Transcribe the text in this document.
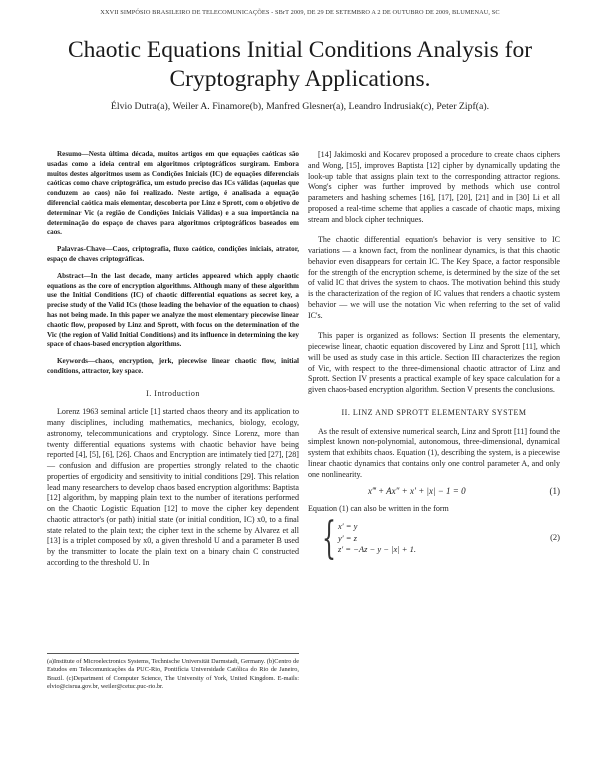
XXVII SIMPÓSIO BRASILEIRO DE TELECOMUNICAÇÕES - SBrT 2009, DE 29 DE SETEMBRO A 2 DE OUTUBRO DE 2009, BLUMENAU, SC
Chaotic Equations Initial Conditions Analysis for Cryptography Applications.
Élvio Dutra(a), Weiler A. Finamore(b), Manfred Glesner(a), Leandro Indrusiak(c), Peter Zipf(a).

Resumo—Nesta última década, muitos artigos em que equações caóticas são usadas como a ideia central em algoritmos criptográficos surgiram. Embora muitos destes algoritmos usem as Condições Iniciais (IC) de equações diferenciais caóticas como chave criptográfica, um estudo preciso das ICs válidas (aquelas que conduzem ao caos) não foi realizado. Neste artigo, é analisada a equação diferencial caótica mais elementar, descoberta por Linz e Sprott, com o objetivo de determinar Vic (a região de Condições Iniciais Válidas) e a sua importância na determinação do espaço de chaves para algoritmos criptográficos baseados em caos.

Palavras-Chave—Caos, criptografia, fluxo caótico, condições iniciais, atrator, espaço de chaves criptográficas.

Abstract—In the last decade, many articles appeared which apply chaotic equations as the core of encryption algorithms. Although many of these algorithm use the Initial Conditions (IC) of chaotic differential equations as secret key, a precise study of the Valid ICs (those leading the behavior of the equation to chaos) has not being made. In this paper we analyze the most elementary piecewise linear chaotic flow, proposed by Linz and Sprott, with focus on the determination of the Vic (the region of Valid Initial Conditions) and its influence in determining the key space of chaos-based encryption algorithms.

Keywords—chaos, encryption, jerk, piecewise linear chaotic flow, initial conditions, attractor, key space.

I. Introduction

Lorenz 1963 seminal article [1] started chaos theory and its application to many disciplines, including mathematics, mechanics, biology, ecology, astronomy, telecommunications and cryptology. Since Lorenz, more than twenty differential equations systems with chaotic behavior have being reported [4], [5], [6], [26]. Chaos and Encryption are intimately tied [27], [28] — confusion and diffusion are properties strongly related to the chaotic properties of ergodicity and sensitivity to initial conditions [29]. This relation lead many researchers to develop chaos based encryption algorithms: Baptista [12] algorithm, by mapping plain text to the number of iterations performed on the Chaotic Logistic Equation [12] to move the cipher key dependent chaotic attractor's (or path) initial state (or initial condition, IC) x0, to a final state related to the plain text; the cipher text in the scheme by Alvarez et all [13] is a triplet composed by x0, a given threshold U and a parameter B used by the transmitter to locate the plain text on a binary chain C constructed according to the threshold U. In

(a)Institute of Microelectronics Systems, Technische Universität Darmstadt, Germany. (b)Centro de Estudos em Telecomunicações da PUC-Rio, Pontifícia Universidade Católica do Rio de Janeiro, Brazil. (c)Department of Computer Science, The University of York, United Kingdom. E-mails: elvio@cisrua.gov.br, weiler@cetuc.puc-rio.br.

[14] Jakimoski and Kocarev proposed a procedure to create chaos ciphers and Wong, [15], improves Baptista [12] cipher by dynamically updating the look-up table that assigns plain text to the corresponding attractor regions. Wong's cipher was further improved by methods which use control parameters and hashing schemes [16], [17], [20], [21] and in [30] Li et all proposed a real-time scheme that applies a cascade of chaotic maps, mixing stream and block cipher techniques.

The chaotic differential equation's behavior is very sensitive to IC variations — a known fact, from the nonlinear dynamics, is that this chaotic behavior even disappears for certain IC. The Key Space, a factor responsible for the strength of the encryption scheme, is determined by the size of the set of valid IC that drives the system to chaos. The motivation behind this study is the characterization of the region of IC values that renders a chaotic system behavior — we will use the notation Vic when referring to the set of valid IC's.

This paper is organized as follows: Section II presents the elementary, piecewise linear, chaotic equation discovered by Linz and Sprott [11], which will be used as study case in this article. Section III characterizes the region of Vic, with respect to the three-dimensional chaotic attractor of Linz and Sprott. Section IV presents a practical example of key space calculation for a given chaos-based encryption algorithm. Section V presents the conclusions.

II. LINZ AND SPROTT ELEMENTARY SYSTEM

As the result of extensive numerical search, Linz and Sprott [11] found the simplest known non-polynomial, autonomous, three-dimensional, dynamical system that exhibits chaos. Equation (1), describing the system, is a piecewise linear chaotic dynamics that contains only one control parameter A, and only one nonlinearity.

x‴ + Ax″ + x′ + |x| − 1 = 0	(1)

Equation (1) can also be written in the form

{ x′ = y
y′ = z
z′ = −Az − y − |x| + 1.
(2)
